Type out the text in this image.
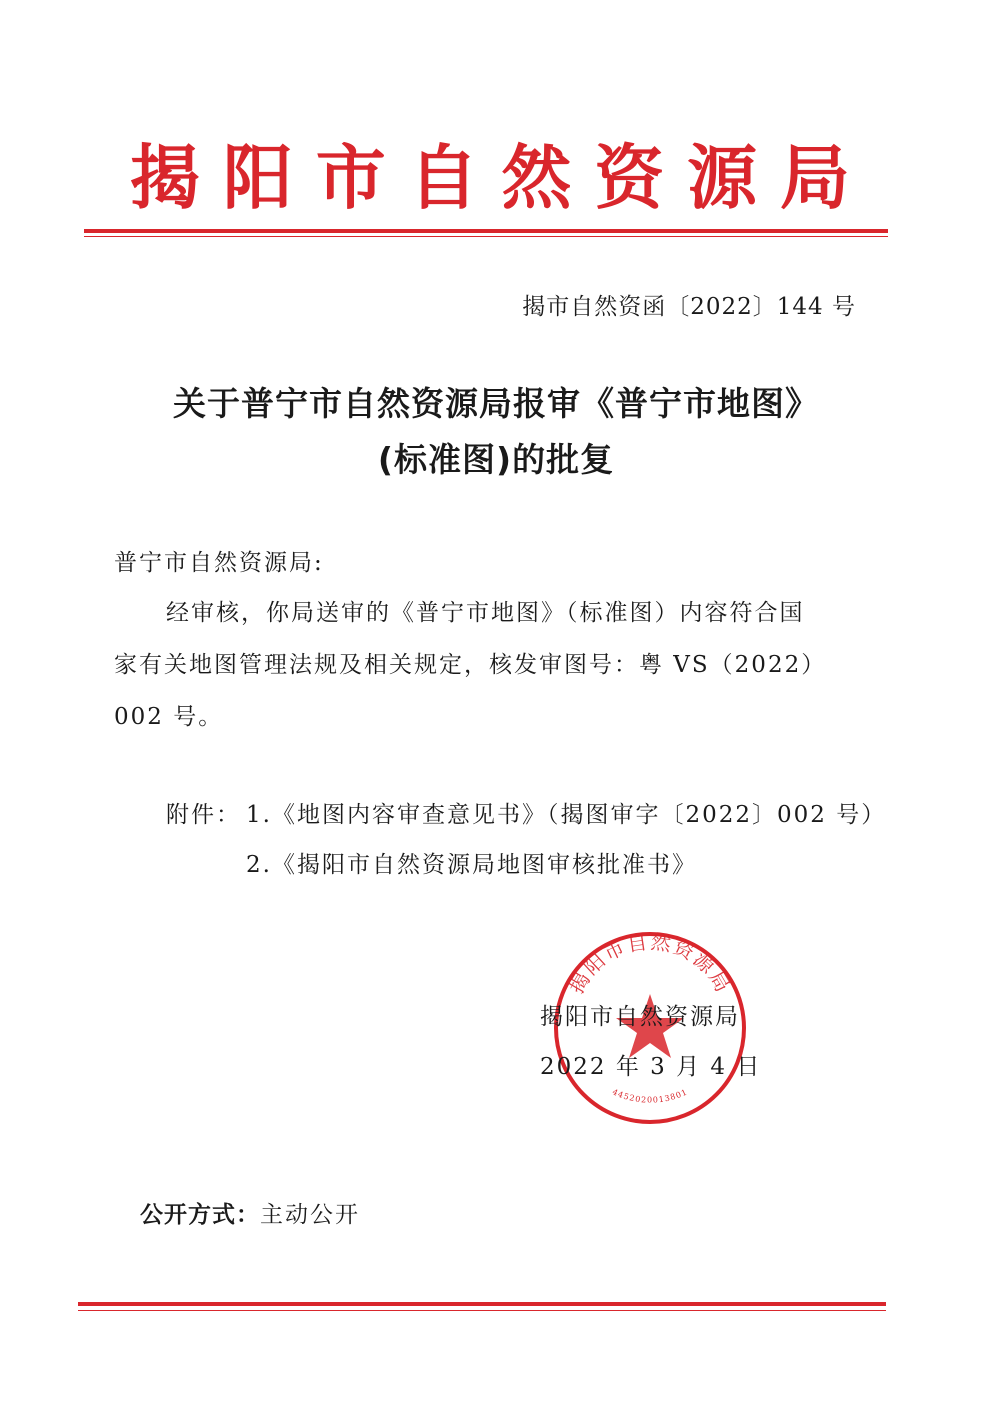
揭 阳 市 自 然 资 源 局
揭市自然资函〔2022〕144 号
关于普宁市自然资源局报审《普宁市地图》
(标准图)的批复
普宁市自然资源局:
经审核，你局送审的《普宁市地图》（标准图）内容符合国
家有关地图管理法规及相关规定，核发审图号：粤 VS（2022）
002 号。
附件： 1.《地图内容审查意见书》（揭图审字〔2022〕002 号）
2.《揭阳市自然资源局地图审核批准书》
揭阳市自然资源局
4452020013801
揭阳市自然资源局
2022 年 3 月 4 日
公开方式：主动公开
